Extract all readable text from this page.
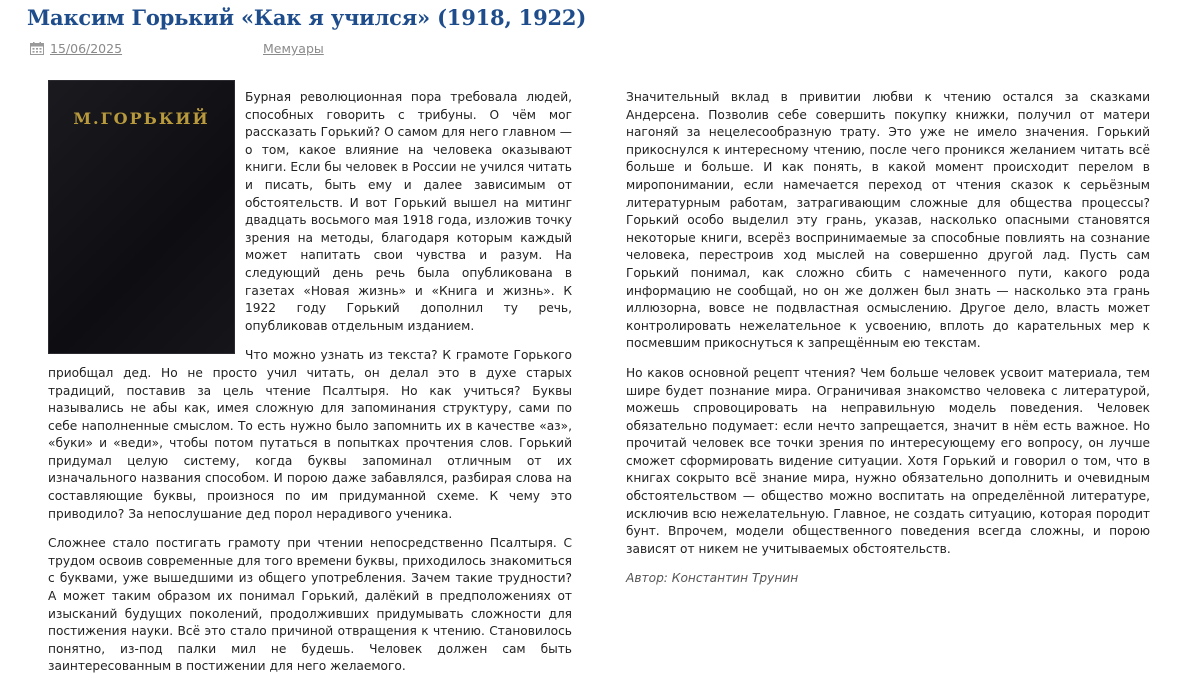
Максим Горький «Как я учился» (1918, 1922)
15/06/2025	Мемуары
М.ГОРЬКИЙ

Бурная революционная пора требовала людей, способных говорить с трибуны. О чём мог рассказать Горький? О самом для него главном — о том, какое влияние на человека оказывают книги. Если бы человек в России не учился читать и писать, быть ему и далее зависимым от обстоятельств. И вот Горький вышел на митинг двадцать восьмого мая 1918 года, изложив точку зрения на методы, благодаря которым каждый может напитать свои чувства и разум. На следующий день речь была опубликована в газетах «Новая жизнь» и «Книга и жизнь». К 1922 году Горький дополнил ту речь, опубликовав отдельным изданием.

Что можно узнать из текста? К грамоте Горького приобщал дед. Но не просто учил читать, он делал это в духе старых традиций, поставив за цель чтение Псалтыря. Но как учиться? Буквы назывались не абы как, имея сложную для запоминания структуру, сами по себе наполненные смыслом. То есть нужно было запомнить их в качестве «аз», «буки» и «веди», чтобы потом путаться в попытках прочтения слов. Горький придумал целую систему, когда буквы запоминал отличным от их изначального названия способом. И порою даже забавлялся, разбирая слова на составляющие буквы, произнося по им придуманной схеме. К чему это приводило? За непослушание дед порол нерадивого ученика.

Сложнее стало постигать грамоту при чтении непосредственно Псалтыря. С трудом освоив современные для того времени буквы, приходилось знакомиться с буквами, уже вышедшими из общего употребления. Зачем такие трудности? А может таким образом их понимал Горький, далёкий в предположениях от изысканий будущих поколений, продолживших придумывать сложности для постижения науки. Всё это стало причиной отвращения к чтению. Становилось понятно, из-под палки мил не будешь. Человек должен сам быть заинтересованным в постижении для него желаемого.

Значительный вклад в привитии любви к чтению остался за сказками Андерсена. Позволив себе совершить покупку книжки, получил от матери нагоняй за нецелесообразную трату. Это уже не имело значения. Горький прикоснулся к интересному чтению, после чего проникся желанием читать всё больше и больше. И как понять, в какой момент происходит перелом в миропонимании, если намечается переход от чтения сказок к серьёзным литературным работам, затрагивающим сложные для общества процессы? Горький особо выделил эту грань, указав, насколько опасными становятся некоторые книги, всерёз воспринимаемые за способные повлиять на сознание человека, перестроив ход мыслей на совершенно другой лад. Пусть сам Горький понимал, как сложно сбить с намеченного пути, какого рода информацию не сообщай, но он же должен был знать — насколько эта грань иллюзорна, вовсе не подвластная осмыслению. Другое дело, власть может контролировать нежелательное к усвоению, вплоть до карательных мер к посмевшим прикоснуться к запрещённым ею текстам.

Но каков основной рецепт чтения? Чем больше человек усвоит материала, тем шире будет познание мира. Ограничивая знакомство человека с литературой, можешь спровоцировать на неправильную модель поведения. Человек обязательно подумает: если нечто запрещается, значит в нём есть важное. Но прочитай человек все точки зрения по интересующему его вопросу, он лучше сможет сформировать видение ситуации. Хотя Горький и говорил о том, что в книгах сокрыто всё знание мира, нужно обязательно дополнить и очевидным обстоятельством — общество можно воспитать на определённой литературе, исключив всю нежелательную. Главное, не создать ситуацию, которая породит бунт. Впрочем, модели общественного поведения всегда сложны, и порою зависят от никем не учитываемых обстоятельств.

Автор: Константин Трунин
